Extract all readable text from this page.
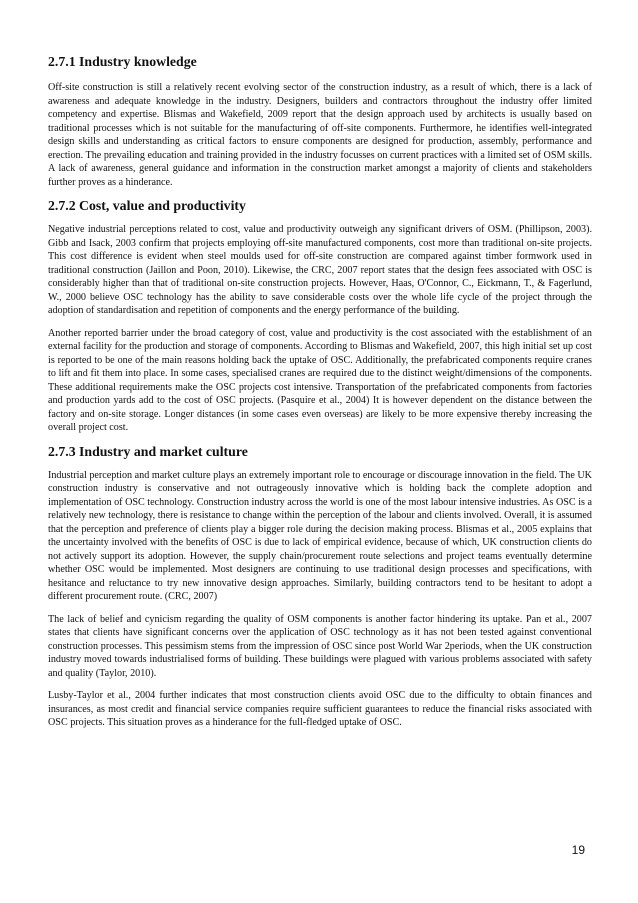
2.7.1 Industry knowledge

Off-site construction is still a relatively recent evolving sector of the construction industry, as a result of which, there is a lack of awareness and adequate knowledge in the industry. Designers, builders and contractors throughout the industry offer limited competency and expertise. Blismas and Wakefield, 2009 report that the design approach used by architects is usually based on traditional processes which is not suitable for the manufacturing of off-site components. Furthermore, he identifies well-integrated design skills and understanding as critical factors to ensure components are designed for production, assembly, performance and erection. The prevailing education and training provided in the industry focusses on current practices with a limited set of OSM skills. A lack of awareness, general guidance and information in the construction market amongst a majority of clients and stakeholders further proves as a hinderance.

2.7.2 Cost, value and productivity

Negative industrial perceptions related to cost, value and productivity outweigh any significant drivers of OSM. (Phillipson, 2003). Gibb and Isack, 2003 confirm that projects employing off-site manufactured components, cost more than traditional on-site projects. This cost difference is evident when steel moulds used for off-site construction are compared against timber formwork used in traditional construction (Jaillon and Poon, 2010). Likewise, the CRC, 2007 report states that the design fees associated with OSC is considerably higher than that of traditional on-site construction projects. However, Haas, O'Connor, C., Eickmann, T., & Fagerlund, W., 2000 believe OSC technology has the ability to save considerable costs over the whole life cycle of the project through the adoption of standardisation and repetition of components and the energy performance of the building.

Another reported barrier under the broad category of cost, value and productivity is the cost associated with the establishment of an external facility for the production and storage of components. According to Blismas and Wakefield, 2007, this high initial set up cost is reported to be one of the main reasons holding back the uptake of OSC. Additionally, the prefabricated components require cranes to lift and fit them into place. In some cases, specialised cranes are required due to the distinct weight/dimensions of the components. These additional requirements make the OSC projects cost intensive. Transportation of the prefabricated components from factories and production yards add to the cost of OSC projects. (Pasquire et al., 2004) It is however dependent on the distance between the factory and on-site storage. Longer distances (in some cases even overseas) are likely to be more expensive thereby increasing the overall project cost.

2.7.3 Industry and market culture

Industrial perception and market culture plays an extremely important role to encourage or discourage innovation in the field. The UK construction industry is conservative and not outrageously innovative which is holding back the complete adoption and implementation of OSC technology. Construction industry across the world is one of the most labour intensive industries. As OSC is a relatively new technology, there is resistance to change within the perception of the labour and clients involved. Overall, it is assumed that the perception and preference of clients play a bigger role during the decision making process. Blismas et al., 2005 explains that the uncertainty involved with the benefits of OSC is due to lack of empirical evidence, because of which, UK construction clients do not actively support its adoption. However, the supply chain/procurement route selections and project teams eventually determine whether OSC would be implemented. Most designers are continuing to use traditional design processes and specifications, with hesitance and reluctance to try new innovative design approaches. Similarly, building contractors tend to be hesitant to adopt a different procurement route. (CRC, 2007)

The lack of belief and cynicism regarding the quality of OSM components is another factor hindering its uptake. Pan et al., 2007 states that clients have significant concerns over the application of OSC technology as it has not been tested against conventional construction processes. This pessimism stems from the impression of OSC since post World War 2periods, when the UK construction industry moved towards industrialised forms of building. These buildings were plagued with various problems associated with safety and quality (Taylor, 2010).

Lusby-Taylor et al., 2004 further indicates that most construction clients avoid OSC due to the difficulty to obtain finances and insurances, as most credit and financial service companies require sufficient guarantees to reduce the financial risks associated with OSC projects. This situation proves as a hinderance for the full-fledged uptake of OSC.

19
